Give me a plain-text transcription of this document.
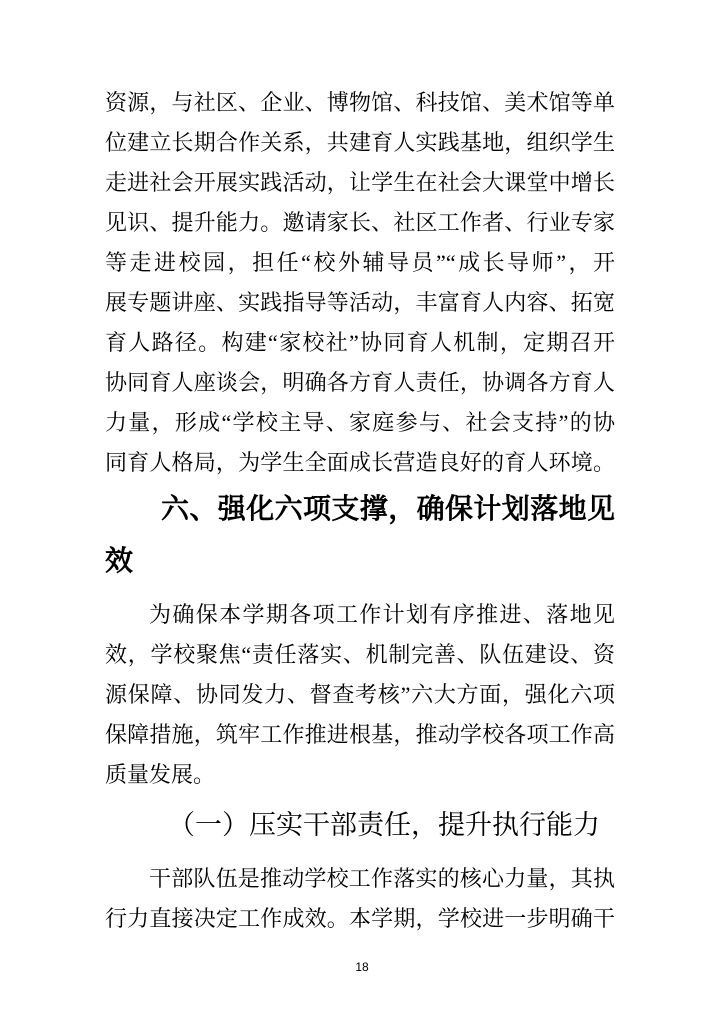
资源，与社区、企业、博物馆、科技馆、美术馆等单
位建立长期合作关系，共建育人实践基地，组织学生
走进社会开展实践活动，让学生在社会大课堂中增长
见识、提升能力。邀请家长、社区工作者、行业专家
等走进校园，担任“校外辅导员”“成长导师”，开
展专题讲座、实践指导等活动，丰富育人内容、拓宽
育人路径。构建“家校社”协同育人机制，定期召开
协同育人座谈会，明确各方育人责任，协调各方育人
力量，形成“学校主导、家庭参与、社会支持”的协
同育人格局，为学生全面成长营造良好的育人环境。
六、强化六项支撑，确保计划落地见
效
为确保本学期各项工作计划有序推进、落地见
效，学校聚焦“责任落实、机制完善、队伍建设、资
源保障、协同发力、督查考核”六大方面，强化六项
保障措施，筑牢工作推进根基，推动学校各项工作高
质量发展。
（一）压实干部责任，提升执行能力
干部队伍是推动学校工作落实的核心力量，其执
行力直接决定工作成效。本学期，学校进一步明确干
18
